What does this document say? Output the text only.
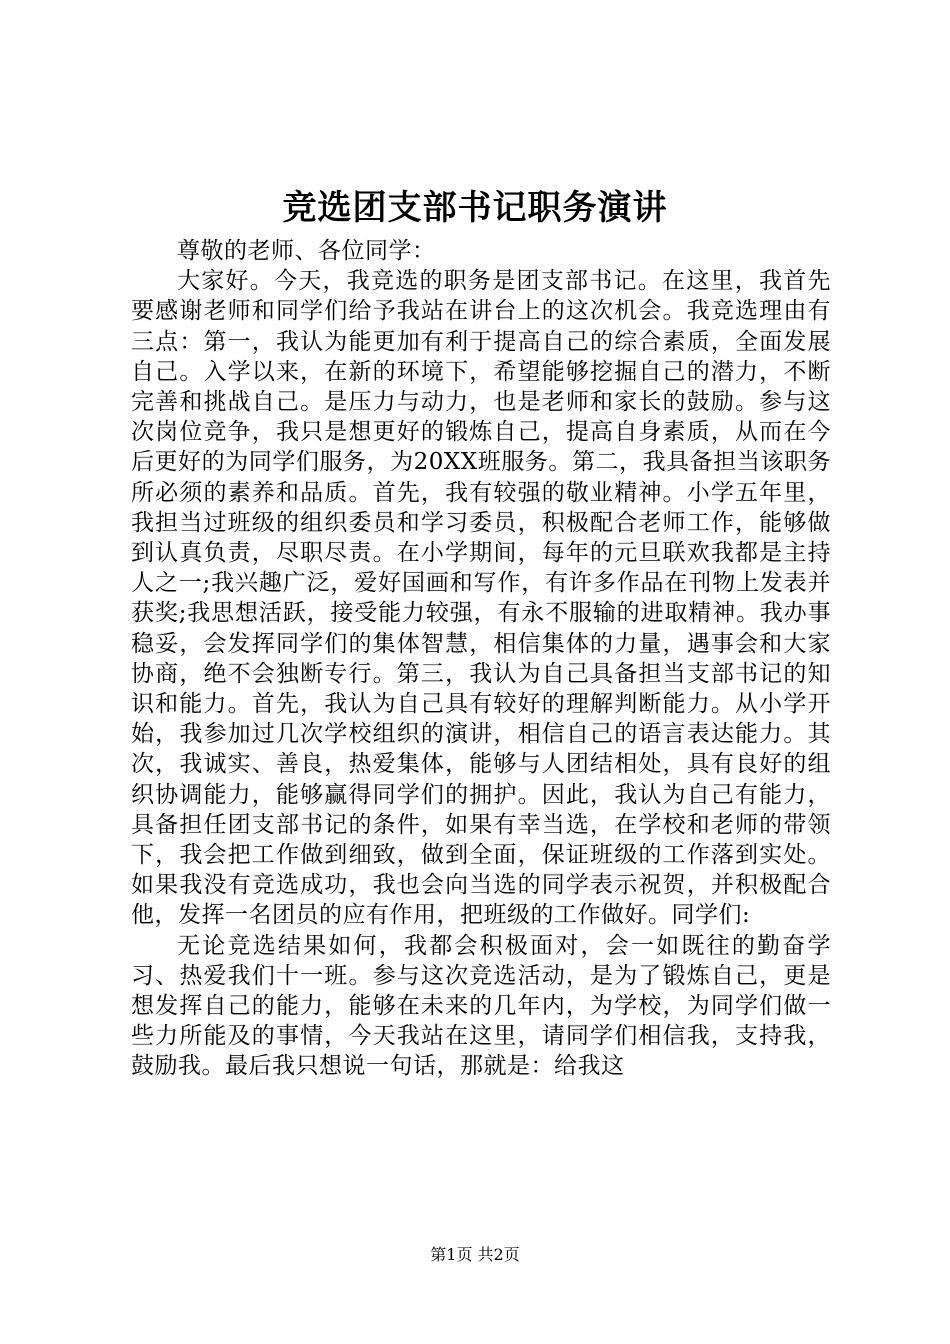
竞选团支部书记职务演讲

尊敬的老师、各位同学：

大家好。今天，我竞选的职务是团支部书记。在这里，我首先要感谢老师和同学们给予我站在讲台上的这次机会。我竞选理由有三点：第一，我认为能更加有利于提高自己的综合素质，全面发展自己。入学以来，在新的环境下，希望能够挖掘自己的潜力，不断完善和挑战自己。是压力与动力，也是老师和家长的鼓励。参与这次岗位竞争，我只是想更好的锻炼自己，提高自身素质，从而在今后更好的为同学们服务，为20XX班服务。第二，我具备担当该职务所必须的素养和品质。首先，我有较强的敬业精神。小学五年里，我担当过班级的组织委员和学习委员，积极配合老师工作，能够做到认真负责，尽职尽责。在小学期间，每年的元旦联欢我都是主持人之一;我兴趣广泛，爱好国画和写作，有许多作品在刊物上发表并获奖;我思想活跃，接受能力较强，有永不服输的进取精神。我办事稳妥，会发挥同学们的集体智慧，相信集体的力量，遇事会和大家协商，绝不会独断专行。第三，我认为自己具备担当支部书记的知识和能力。首先，我认为自己具有较好的理解判断能力。从小学开始，我参加过几次学校组织的演讲，相信自己的语言表达能力。其次，我诚实、善良，热爱集体，能够与人团结相处，具有良好的组织协调能力，能够赢得同学们的拥护。因此，我认为自己有能力，具备担任团支部书记的条件，如果有幸当选，在学校和老师的带领下，我会把工作做到细致，做到全面，保证班级的工作落到实处。如果我没有竞选成功，我也会向当选的同学表示祝贺，并积极配合他，发挥一名团员的应有作用，把班级的工作做好。同学们:

无论竞选结果如何，我都会积极面对，会一如既往的勤奋学习、热爱我们十一班。参与这次竞选活动，是为了锻炼自己，更是想发挥自己的能力，能够在未来的几年内，为学校，为同学们做一些力所能及的事情，今天我站在这里，请同学们相信我，支持我，鼓励我。最后我只想说一句话，那就是：给我这

第1页 共2页
